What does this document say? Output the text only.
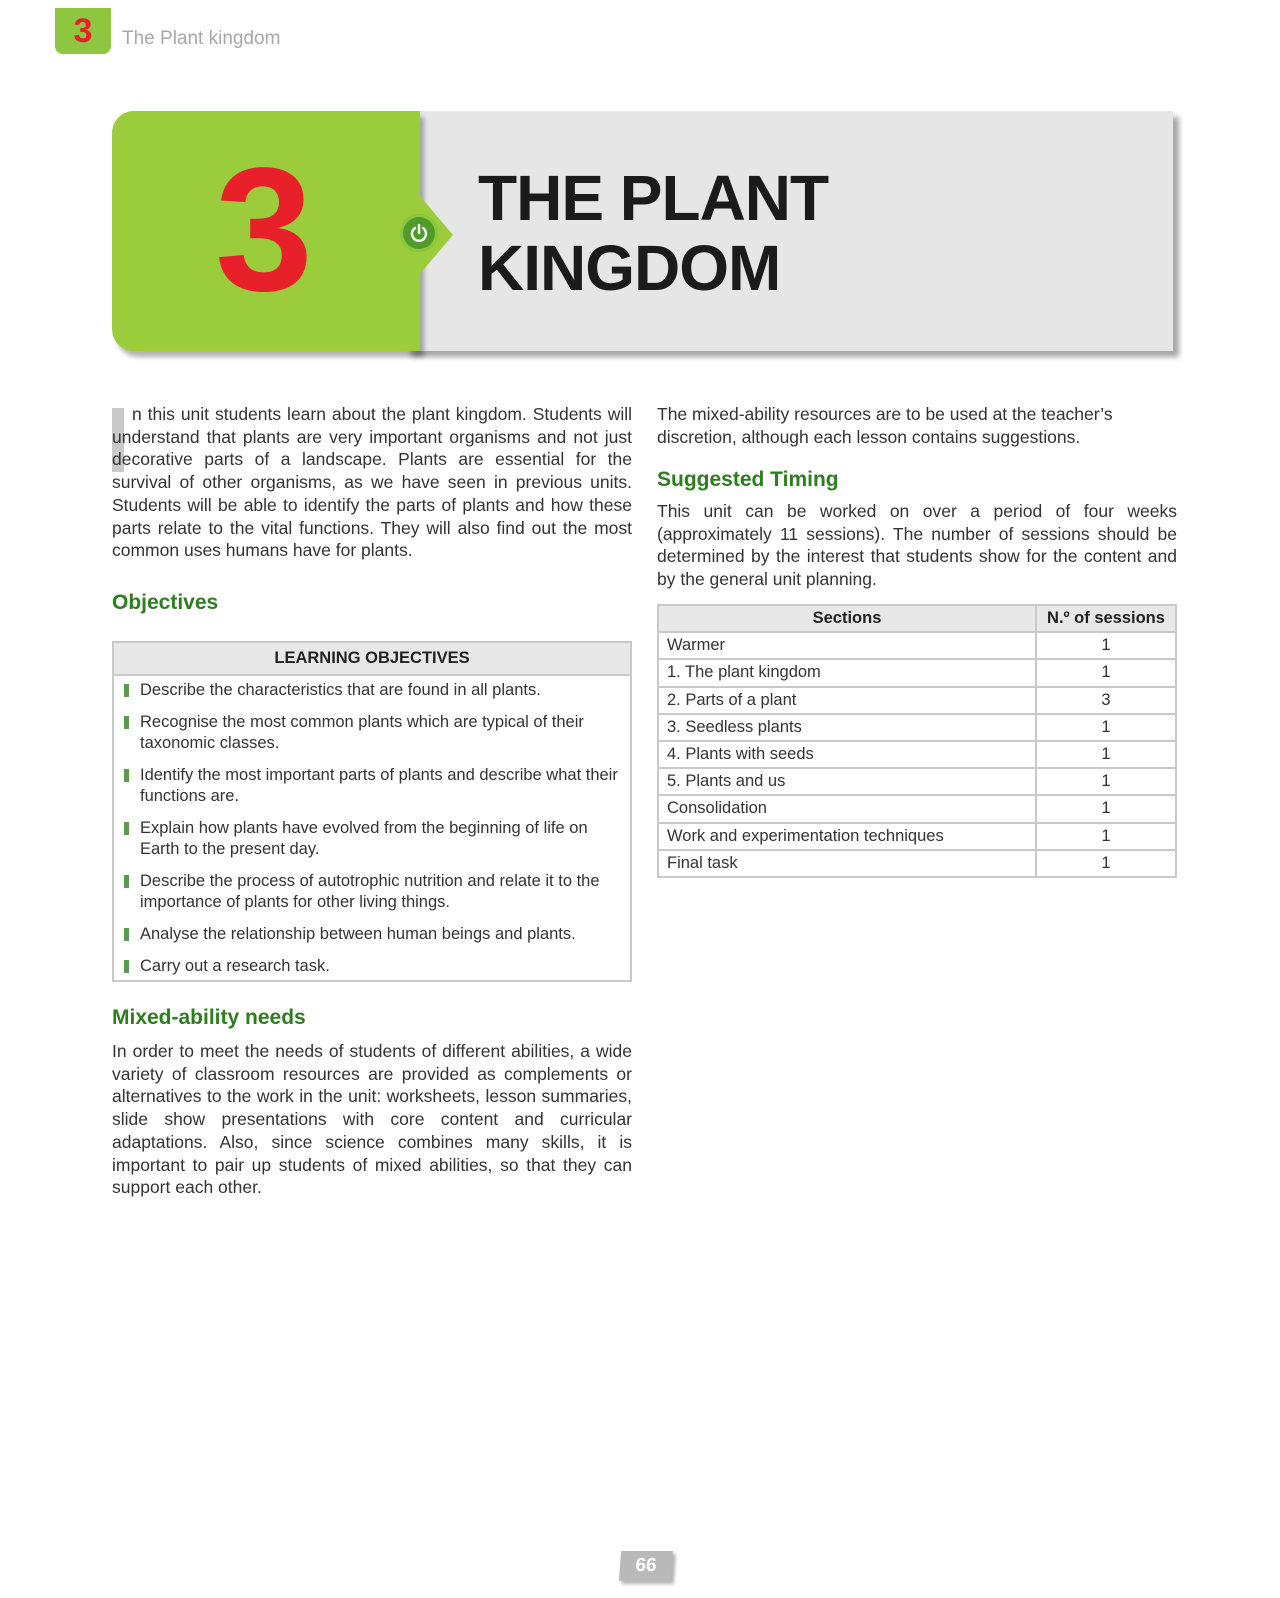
3	The Plant kingdom
3	THE PLANT
KINGDOM

n this unit students learn about the plant kingdom. Students will understand that plants are very important organisms and not just decorative parts of a landscape. Plants are essential for the survival of other organisms, as we have seen in previous units. Students will be able to identify the parts of plants and how these parts relate to the vital functions. They will also find out the most common uses humans have for plants.

Objectives
LEARNING OBJECTIVES
Describe the characteristics that are found in all plants.
Recognise the most common plants which are typical of their taxonomic classes.
Identify the most important parts of plants and describe what their functions are.
Explain how plants have evolved from the beginning of life on Earth to the present day.
Describe the process of autotrophic nutrition and relate it to the importance of plants for other living things.
Analyse the relationship between human beings and plants.
Carry out a research task.
Mixed-ability needs

In order to meet the needs of students of different abilities, a wide variety of classroom resources are provided as complements or alternatives to the work in the unit: worksheets, lesson summaries, slide show presentations with core content and curricular adaptations. Also, since science combines many skills, it is important to pair up students of mixed abilities, so that they can support each other.

The mixed-ability resources are to be used at the teacher’s discretion, although each lesson contains suggestions.

Suggested Timing

This unit can be worked on over a period of four weeks (approximately 11 sessions). The number of sessions should be determined by the interest that students show for the content and by the general unit planning.

Sections	N.º of sessions
Warmer	1
1. The plant kingdom	1
2. Parts of a plant	3
3. Seedless plants	1
4. Plants with seeds	1
5. Plants and us	1
Consolidation	1
Work and experimentation techniques	1
Final task	1
66
